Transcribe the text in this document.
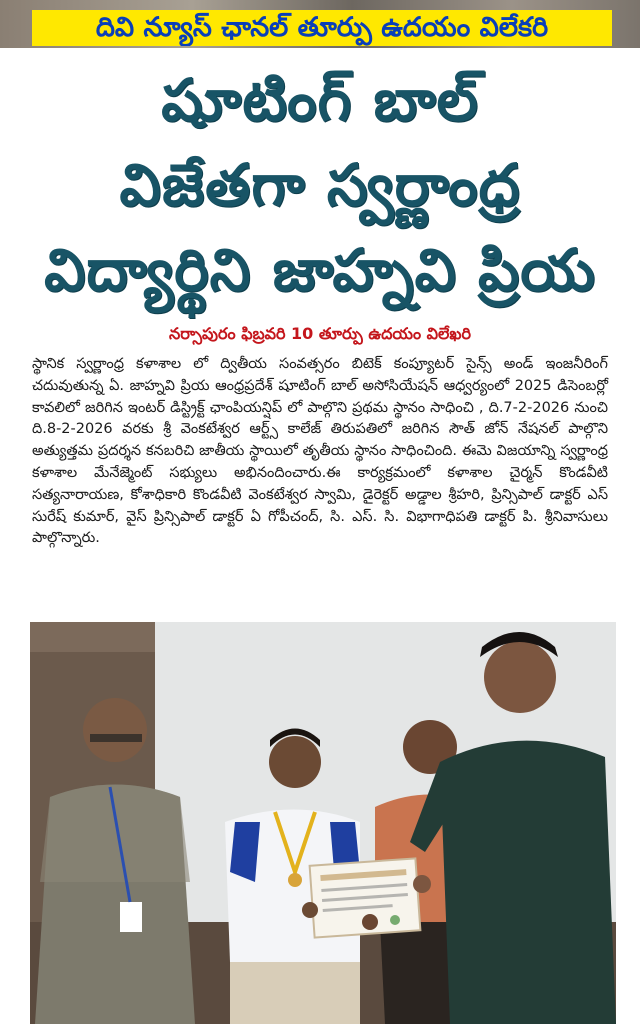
దివి న్యూస్ ఛానల్ తూర్పు ఉదయం విలేకరి
షూటింగ్ బాల్
విజేతగా స్వర్ణాంధ్ర
విద్యార్థిని జాహ్నవి ప్రియ
నర్సాపురం ఫిబ్రవరి 10 తూర్పు ఉదయం విలేఖరి
స్థానిక స్వర్ణాంధ్ర కళాశాల లో ద్వితీయ సంవత్సరం బిటెక్ కంప్యూటర్ సైన్స్ అండ్ ఇంజనీరింగ్ చదువుతున్న ఏ. జాహ్నవి ప్రియ ఆంధ్రప్రదేశ్ షూటింగ్ బాల్ అసోసియేషన్ ఆధ్వర్యంలో 2025 డిసెంబర్లో కావలిలో జరిగిన ఇంటర్ డిస్ట్రిక్ట్ ఛాంపియన్షిప్ లో పాల్గొని ప్రథమ స్థానం సాధించి , ది.7-2-2026 నుంచి ది.8-2-2026 వరకు శ్రీ వెంకటేశ్వర ఆర్ట్స్ కాలేజ్ తిరుపతిలో జరిగిన సౌత్ జోన్ నేషనల్ పాల్గొని అత్యుత్తమ ప్రదర్శన కనబరిచి జాతీయ స్థాయిలో తృతీయ స్థానం సాధించింది. ఈమె విజయాన్ని స్వర్ణాంధ్ర కళాశాల మేనేజ్మెంట్ సభ్యులు అభినందించారు.ఈ కార్యక్రమంలో కళాశాల చైర్మన్ కొండవీటి సత్యనారాయణ, కోశాధికారి కొండవీటి వెంకటేశ్వర స్వామి, డైరెక్టర్ అడ్డాల శ్రీహరి, ప్రిన్సిపాల్ డాక్టర్ ఎస్ సురేష్ కుమార్, వైస్ ప్రిన్సిపాల్ డాక్టర్ ఏ గోపీచంద్, సి. ఎస్. సి. విభాగాధిపతి డాక్టర్ పి. శ్రీనివాసులు పాల్గొన్నారు.
